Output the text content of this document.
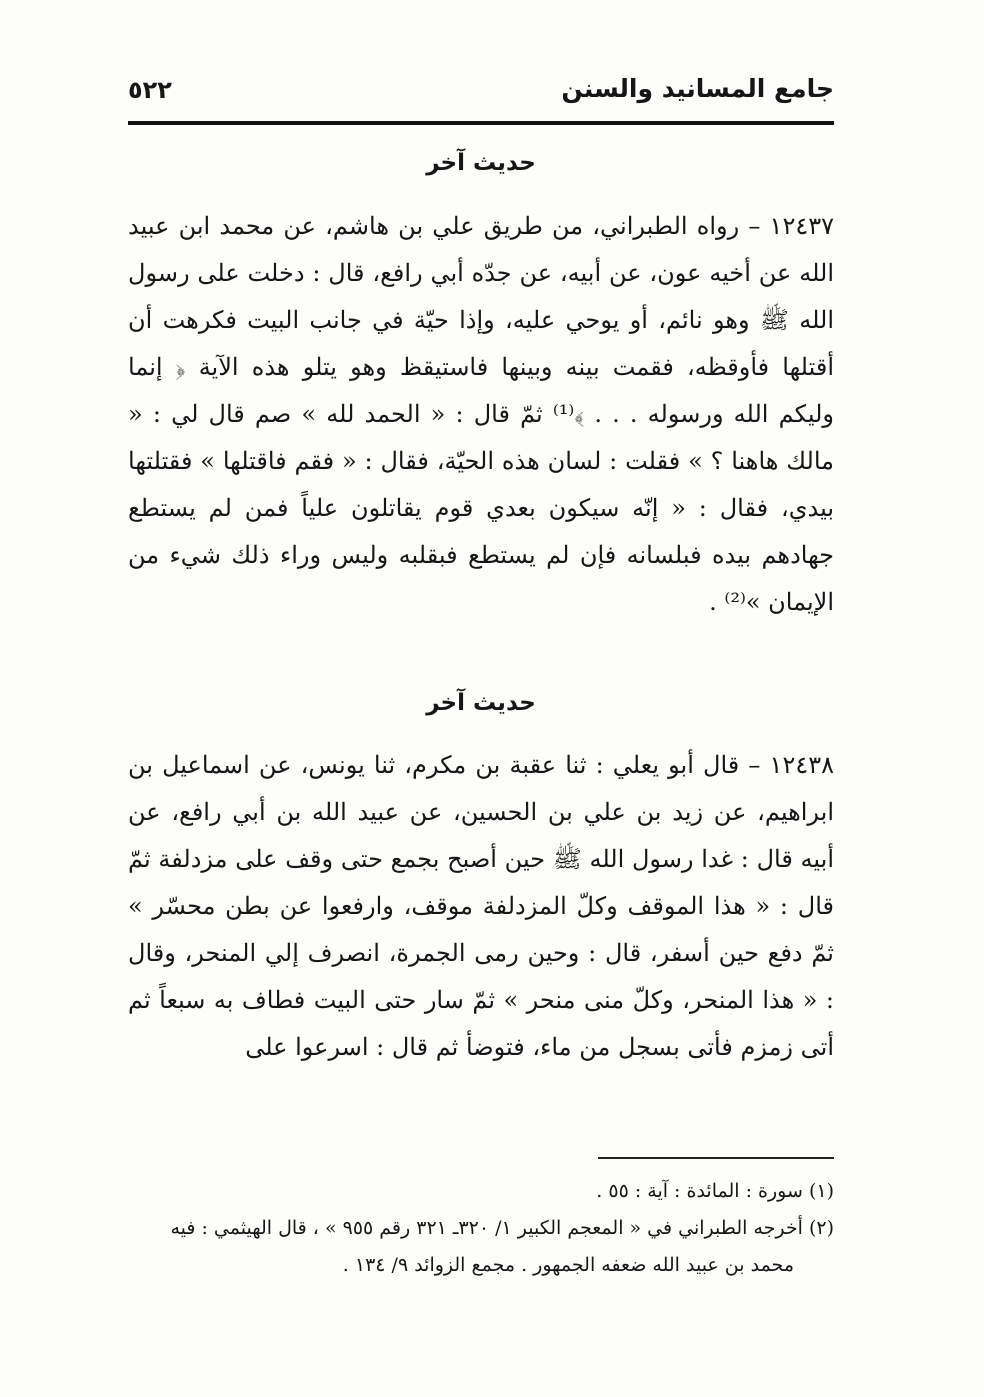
جامع المسانيد والسنن
٥٢٢
حديث آخر

١٢٤٣٧ – رواه الطبراني، من طريق علي بن هاشم، عن محمد ابن عبيد الله عن أخيه عون، عن أبيه، عن جدّه أبي رافع، قال : دخلت على رسول الله ﷺ وهو نائم، أو يوحي عليه، وإذا حيّة في جانب البيت فكرهت أن أقتلها فأوقظه، فقمت بينه وبينها فاستيقظ وهو يتلو هذه الآية ﴿ إنما وليكم الله ورسوله . . . ﴾⁽¹⁾ ثمّ قال : « الحمد لله » صم قال لي : « مالك هاهنا ؟ » فقلت : لسان هذه الحيّة، فقال : « فقم فاقتلها » فقتلتها بيدي، فقال : « إنّه سيكون بعدي قوم يقاتلون علياً فمن لم يستطع جهادهم بيده فبلسانه فإن لم يستطع فبقلبه وليس وراء ذلك شيء من الإيمان »⁽²⁾ .

حديث آخر

١٢٤٣٨ – قال أبو يعلي : ثنا عقبة بن مكرم، ثنا يونس، عن اسماعيل بن ابراهيم، عن زيد بن علي بن الحسين، عن عبيد الله بن أبي رافع، عن أبيه قال : غدا رسول الله ﷺ حين أصبح بجمع حتى وقف على مزدلفة ثمّ قال : « هذا الموقف وكلّ المزدلفة موقف، وارفعوا عن بطن محسّر » ثمّ دفع حين أسفر، قال : وحين رمى الجمرة، انصرف إلي المنحر، وقال : « هذا المنحر، وكلّ منى منحر » ثمّ سار حتى البيت فطاف به سبعاً ثم أتى زمزم فأتى بسجل من ماء، فتوضأ ثم قال : اسرعوا على

(١) سورة : المائدة : آية : ٥٥ .

(٢) أخرجه الطبراني في « المعجم الكبير ١/ ٣٢٠ـ ٣٢١ رقم ٩٥٥ » ، قال الهيثمي : فيه

محمد بن عبيد الله ضعفه الجمهور . مجمع الزوائد ٩/ ١٣٤ .
